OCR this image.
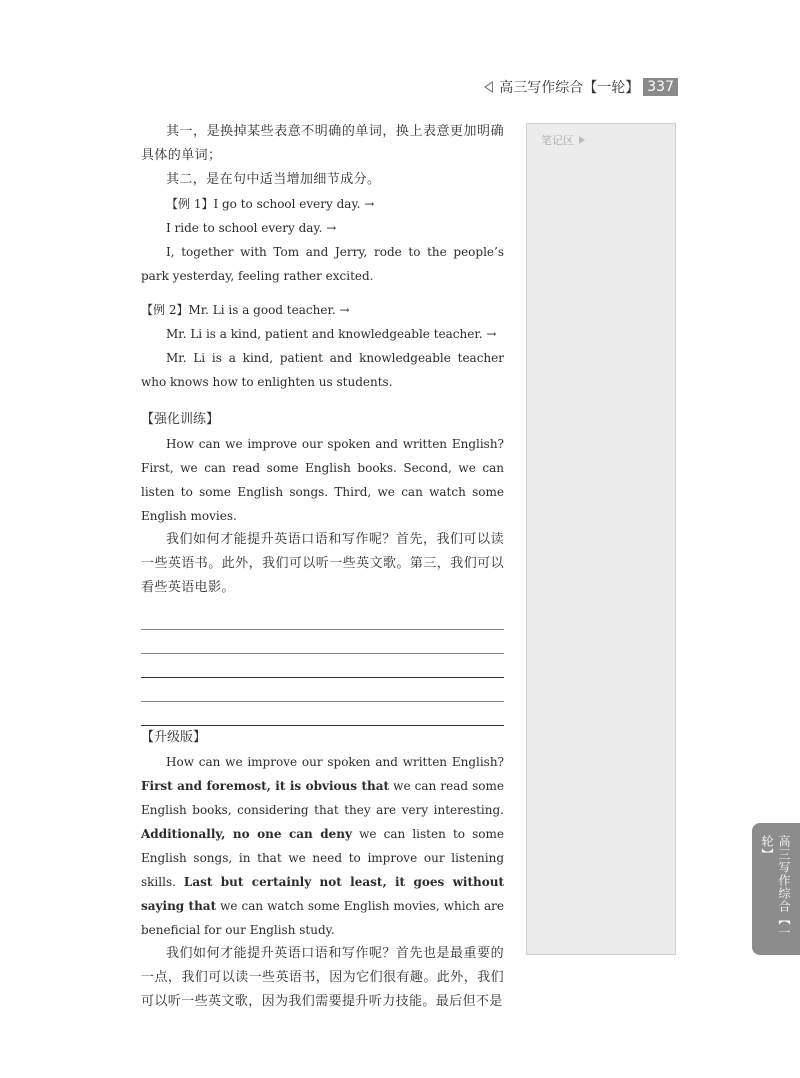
高三写作综合【一轮】 337

其一，是换掉某些表意不明确的单词，换上表意更加明确具体的单词；

其二，是在句中适当增加细节成分。

【例 1】I go to school every day. →

I ride to school every day. →

I, together with Tom and Jerry, rode to the people’s park yesterday, feeling rather excited.

【例 2】Mr. Li is a good teacher. →

Mr. Li is a kind, patient and knowledgeable teacher. →

Mr. Li is a kind, patient and knowledgeable teacher who knows how to enlighten us students.

【强化训练】

How can we improve our spoken and written English? First, we can read some English books. Second, we can listen to some English songs. Third, we can watch some English movies.

我们如何才能提升英语口语和写作呢？首先，我们可以读一些英语书。此外，我们可以听一些英文歌。第三，我们可以看些英语电影。

【升级版】

How can we improve our spoken and written English? First and foremost, it is obvious that we can read some English books, considering that they are very interesting. Additionally, no one can deny we can listen to some English songs, in that we need to improve our listening skills. Last but certainly not least, it goes without saying that we can watch some English movies, which are beneficial for our English study.

我们如何才能提升英语口语和写作呢？首先也是最重要的一点，我们可以读一些英语书，因为它们很有趣。此外，我们可以听一些英文歌，因为我们需要提升听力技能。最后但不是

笔记区
高三写作综合【一轮】
